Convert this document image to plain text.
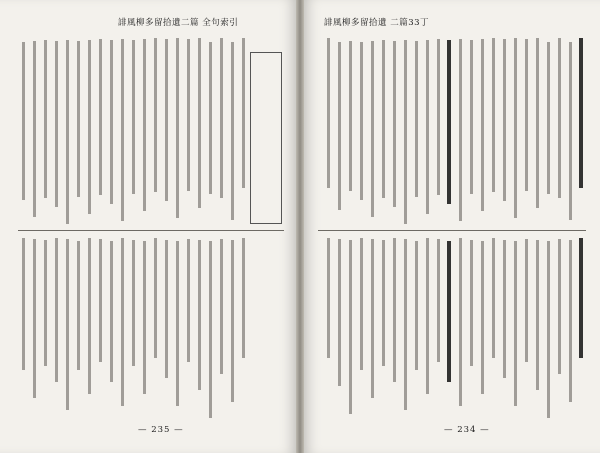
誹風柳多留拾遺二篇 全句索引
— 235 —
誹風柳多留拾遺 二篇33丁
— 234 —
